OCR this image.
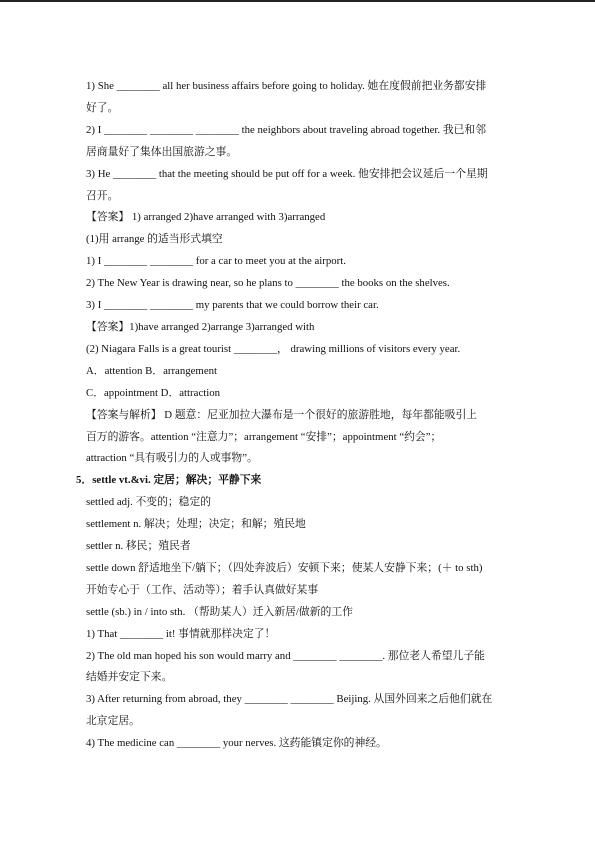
1) She ________ all her business affairs before going to holiday. 她在度假前把业务都安排
好了。
2) I ________ ________ ________ the neighbors about traveling abroad together. 我已和邻
居商量好了集体出国旅游之事。
3) He ________ that the meeting should be put off for a week. 他安排把会议延后一个星期
召开。
【答案】 1) arranged 2)have arranged with 3)arranged
(1)用 arrange 的适当形式填空
1) I ________ ________ for a car to meet you at the airport.
2) The New Year is drawing near, so he plans to ________ the books on the shelves.
3) I ________ ________ my parents that we could borrow their car.
【答案】1)have arranged 2)arrange 3)arranged with
(2) Niagara Falls is a great tourist ________， drawing millions of visitors every year.
A．attention B．arrangement
C．appointment D．attraction
【答案与解析】 D 题意：尼亚加拉大瀑布是一个很好的旅游胜地，每年都能吸引上
百万的游客。attention “注意力”；arrangement “安排”；appointment “约会”；
attraction “具有吸引力的人或事物”。
5．settle vt.&vi. 定居；解决；平静下来
settled adj. 不变的；稳定的
settlement n. 解决；处理；决定；和解；殖民地
settler n. 移民；殖民者
settle down 舒适地坐下/躺下；（四处奔波后）安顿下来；使某人安静下来；(＋ to sth)
开始专心于（工作、活动等）；着手认真做好某事
settle (sb.) in / into sth. （帮助某人）迁入新居/做新的工作
1) That ________ it! 事情就那样决定了！
2) The old man hoped his son would marry and ________ ________. 那位老人希望儿子能
结婚并安定下来。
3) After returning from abroad, they ________ ________ Beijing. 从国外回来之后他们就在
北京定居。
4) The medicine can ________ your nerves. 这药能镇定你的神经。
